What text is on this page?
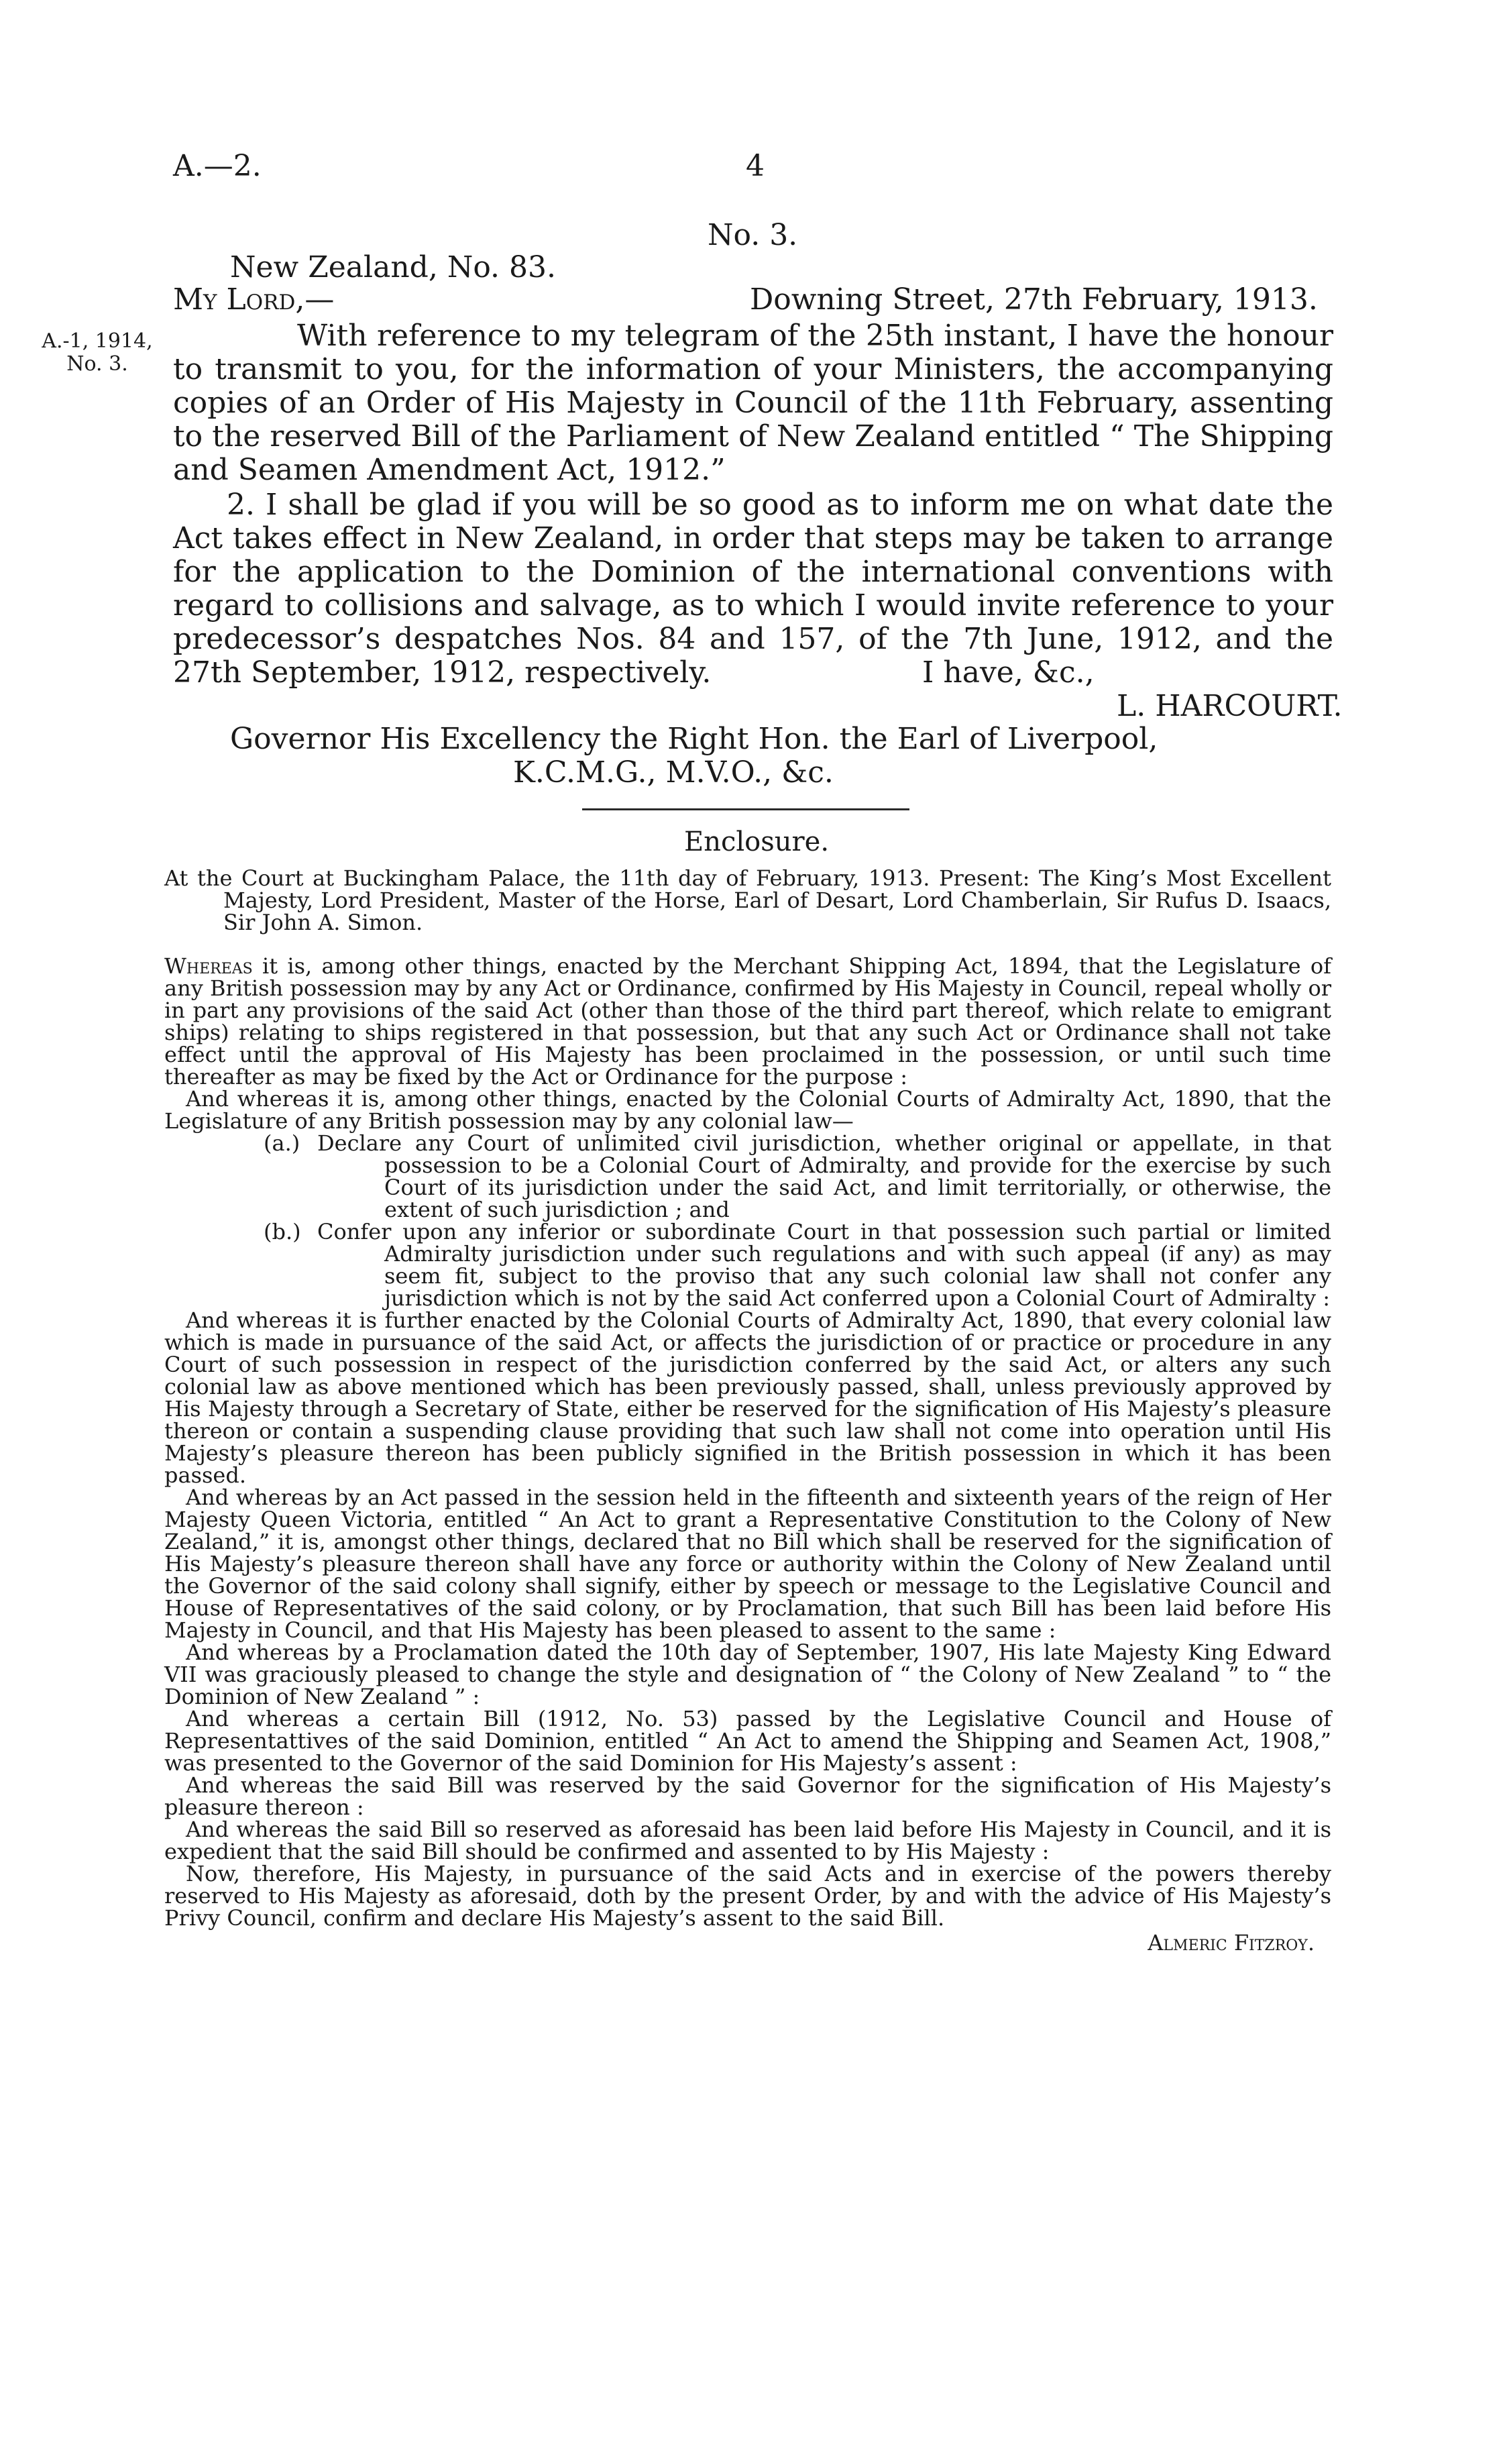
A.—2.	4
A.-1, 1914,
No. 3.
No. 3.
New Zealand, No. 83.
My Lord,—	Downing Street, 27th February, 1913.
With reference to my telegram of the 25th instant, I have the honour to transmit to you, for the information of your Ministers, the accompanying copies of an Order of His Majesty in Council of the 11th February, assenting to the reserved Bill of the Parliament of New Zealand entitled “ The Shipping and Seamen Amendment Act, 1912.”
2. I shall be glad if you will be so good as to inform me on what date the Act takes effect in New Zealand, in order that steps may be taken to arrange for the application to the Dominion of the international conventions with regard to collisions and salvage, as to which I would invite reference to your predecessor’s despatches Nos. 84 and 157, of the 7th June, 1912, and the 27th September, 1912, respectively.	I have, &c.,
L. HARCOURT.
Governor His Excellency the Right Hon. the Earl of Liverpool,
K.C.M.G., M.V.O., &c.
Enclosure.
At the Court at Buckingham Palace, the 11th day of February, 1913. Present: The King’s Most Excellent Majesty, Lord President, Master of the Horse, Earl of Desart, Lord Chamberlain, Sir Rufus D. Isaacs, Sir John A. Simon.
Whereas it is, among other things, enacted by the Merchant Shipping Act, 1894, that the Legislature of any British possession may by any Act or Ordinance, confirmed by His Majesty in Council, repeal wholly or in part any provisions of the said Act (other than those of the third part thereof, which relate to emigrant ships) relating to ships registered in that possession, but that any such Act or Ordinance shall not take effect until the approval of His Majesty has been proclaimed in the possession, or until such time thereafter as may be fixed by the Act or Ordinance for the purpose :
And whereas it is, among other things, enacted by the Colonial Courts of Admiralty Act, 1890, that the Legislature of any British possession may by any colonial law—
(a.) Declare any Court of unlimited civil jurisdiction, whether original or appellate, in that possession to be a Colonial Court of Admiralty, and provide for the exercise by such Court of its jurisdiction under the said Act, and limit territorially, or otherwise, the extent of such jurisdiction ; and
(b.) Confer upon any inferior or subordinate Court in that possession such partial or limited Admiralty jurisdiction under such regulations and with such appeal (if any) as may seem fit, subject to the proviso that any such colonial law shall not confer any jurisdiction which is not by the said Act conferred upon a Colonial Court of Admiralty :
And whereas it is further enacted by the Colonial Courts of Admiralty Act, 1890, that every colonial law which is made in pursuance of the said Act, or affects the jurisdiction of or practice or procedure in any Court of such possession in respect of the jurisdiction conferred by the said Act, or alters any such colonial law as above mentioned which has been previously passed, shall, unless previously approved by His Majesty through a Secretary of State, either be reserved for the signification of His Majesty’s pleasure thereon or contain a suspending clause providing that such law shall not come into operation until His Majesty’s pleasure thereon has been publicly signified in the British possession in which it has been passed.
And whereas by an Act passed in the session held in the fifteenth and sixteenth years of the reign of Her Majesty Queen Victoria, entitled “ An Act to grant a Representative Constitution to the Colony of New Zealand,” it is, amongst other things, declared that no Bill which shall be reserved for the signification of His Majesty’s pleasure thereon shall have any force or authority within the Colony of New Zealand until the Governor of the said colony shall signify, either by speech or message to the Legislative Council and House of Representatives of the said colony, or by Proclamation, that such Bill has been laid before His Majesty in Council, and that His Majesty has been pleased to assent to the same :
And whereas by a Proclamation dated the 10th day of September, 1907, His late Majesty King Edward VII was graciously pleased to change the style and designation of “ the Colony of New Zealand ” to “ the Dominion of New Zealand ” :
And whereas a certain Bill (1912, No. 53) passed by the Legislative Council and House of Representattives of the said Dominion, entitled “ An Act to amend the Shipping and Seamen Act, 1908,” was presented to the Governor of the said Dominion for His Majesty’s assent :
And whereas the said Bill was reserved by the said Governor for the signification of His Majesty’s pleasure thereon :
And whereas the said Bill so reserved as aforesaid has been laid before His Majesty in Council, and it is expedient that the said Bill should be confirmed and assented to by His Majesty :
Now, therefore, His Majesty, in pursuance of the said Acts and in exercise of the powers thereby reserved to His Majesty as aforesaid, doth by the present Order, by and with the advice of His Majesty’s Privy Council, confirm and declare His Majesty’s assent to the said Bill.
Almeric Fitzroy.
